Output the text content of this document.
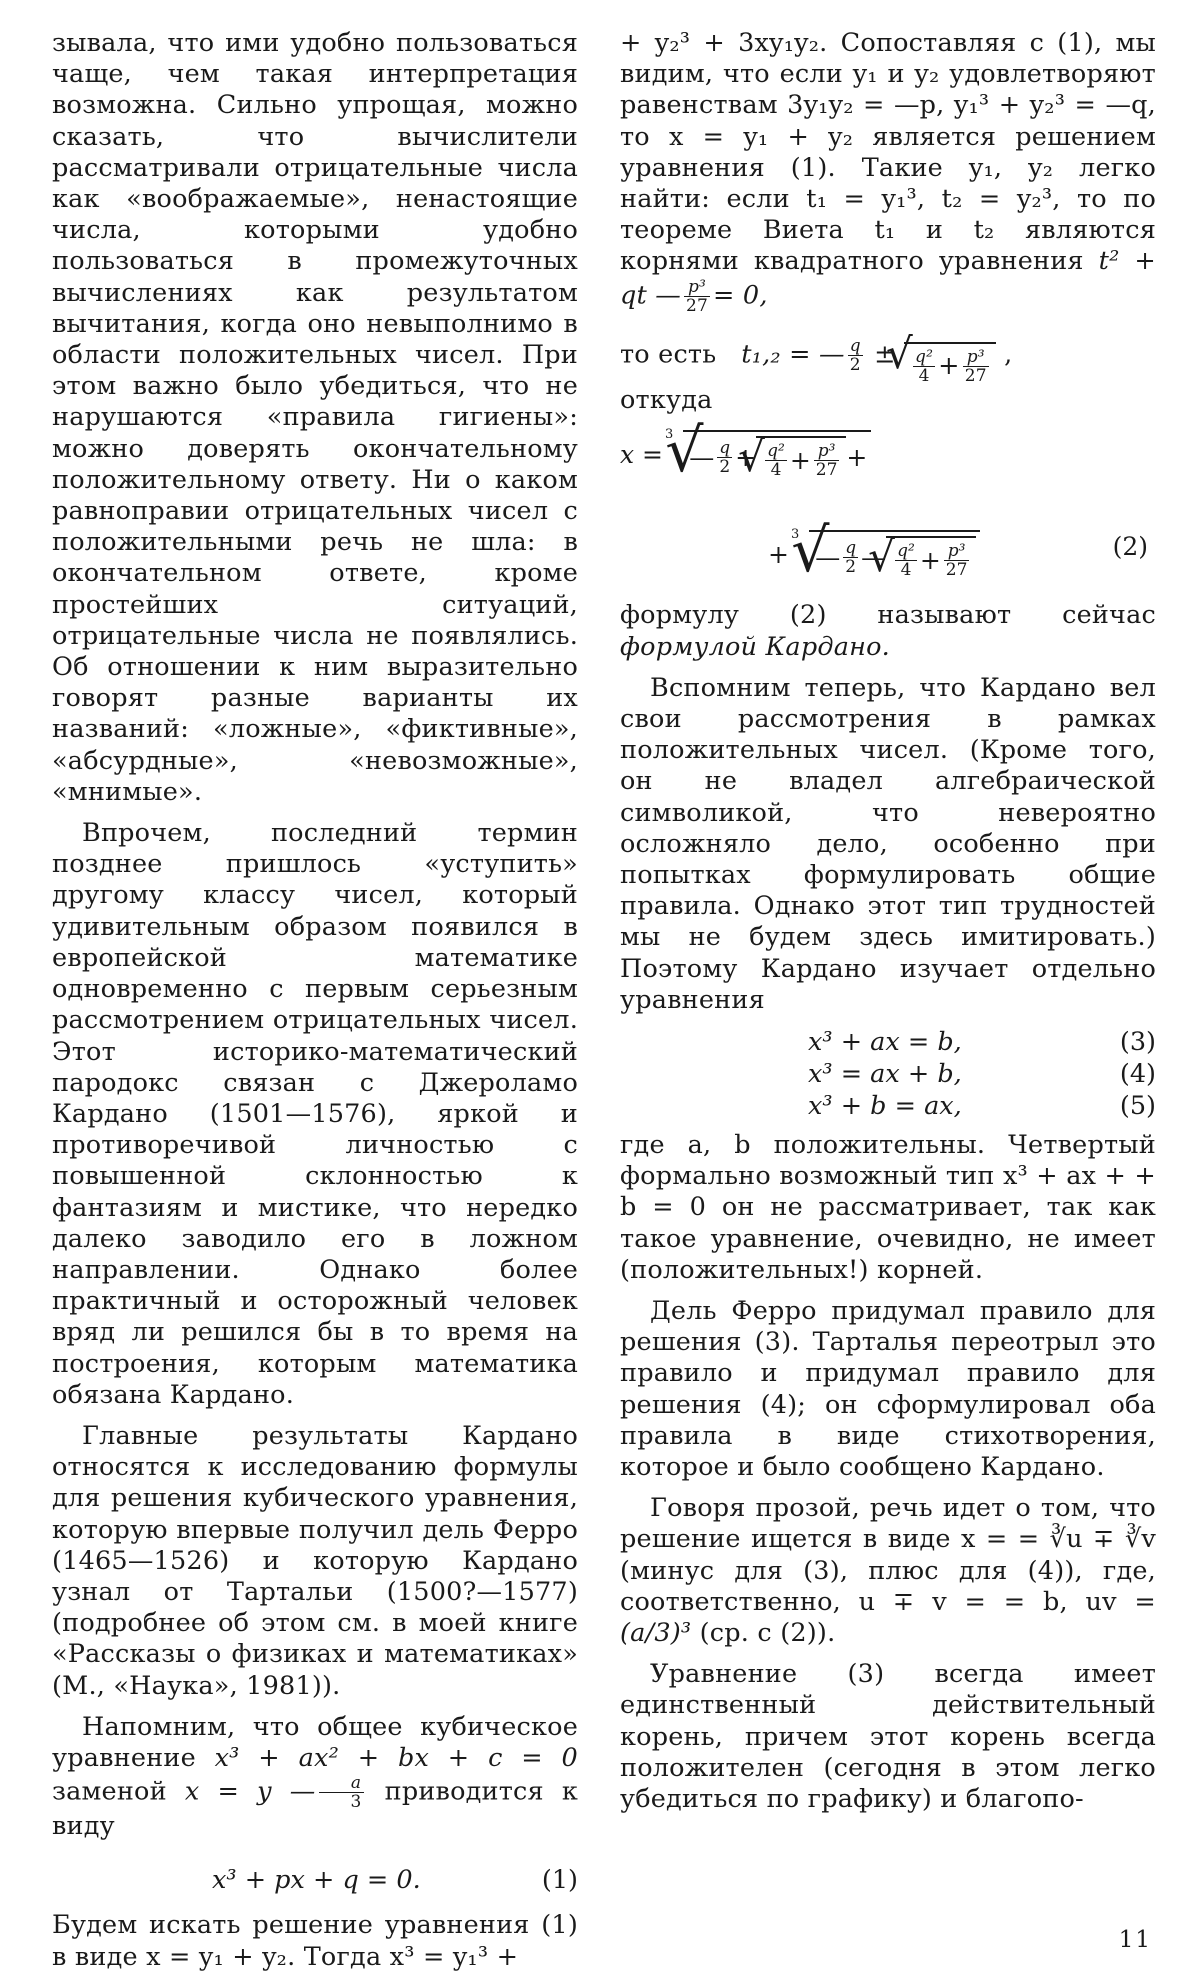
зывала, что ими удобно пользоваться чаще, чем такая интерпретация возможна. Сильно упрощая, можно сказать, что вычислители рассматривали отрицательные числа как «воображаемые», ненастоящие числа, которыми удобно пользоваться в промежуточных вычислениях как результатом вычитания, когда оно невыполнимо в области положительных чисел. При этом важно было убедиться, что не нарушаются «правила гигиены»: можно доверять окончательному положительному ответу. Ни о каком равноправии отрицательных чисел с положительными речь не шла: в окончательном ответе, кроме простейших ситуаций, отрицательные числа не появлялись. Об отношении к ним выразительно говорят разные варианты их названий: «ложные», «фиктивные», «абсурдные», «невозможные», «мнимые».

Впрочем, последний термин позднее пришлось «уступить» другому классу чисел, который удивительным образом появился в европейской математике одновременно с первым серьезным рассмотрением отрицательных чисел. Этот историко-математический пародокс связан с Джероламо Кардано (1501—1576), яркой и противоречивой личностью с повышенной склонностью к фантазиям и мистике, что нередко далеко заводило его в ложном направлении. Однако более практичный и осторожный человек вряд ли решился бы в то время на построения, которым математика обязана Кардано.

Главные результаты Кардано относятся к исследованию формулы для решения кубического уравнения, которую впервые получил дель Ферро (1465—1526) и которую Кардано узнал от Тартальи (1500?—1577) (подробнее об этом см. в моей книге «Рассказы о физиках и математиках» (М., «Наука», 1981)).

Напомним, что общее кубическое уравнение x³ + ax² + bx + c = 0 заменой x = y — $\frac{a}{3}$ приводится к виду

x³ + px + q = 0.	(1)

Будем искать решение уравнения (1) в виде x = y₁ + y₂. Тогда x³ = y₁³ +

+ y₂³ + 3xy₁y₂. Сопоставляя с (1), мы видим, что если y₁ и y₂ удовлетворяют равенствам 3y₁y₂ = —p, y₁³ + y₂³ = —q, то x = y₁ + y₂ является решением уравнения (1). Такие y₁, y₂ легко найти: если t₁ = y₁³, t₂ = y₂³, то по теореме Виета t₁ и t₂ являются корнями квадратного уравнения t² + qt — $\frac{\text{p³}}{27} = 0$,

то есть t₁,₂ = — $\frac{q}{2}$ ± √ $\frac{\text{q²}}{4} + \frac{\text{p³}}{27}$ ,

откуда

x =
3
√ — $\frac{q}{2}$ + √ $\frac{\text{q²}}{4} + \frac{\text{p³}}{27}$ +
+
3
√ — $\frac{q}{2}$ — √ $\frac{\text{q²}}{4} + \frac{\text{p³}}{27}$	(2)

формулу (2) называют сейчас формулой Кардано.

Вспомним теперь, что Кардано вел свои рассмотрения в рамках положительных чисел. (Кроме того, он не владел алгебраической символикой, что невероятно осложняло дело, особенно при попытках формулировать общие правила. Однако этот тип трудностей мы не будем здесь имитировать.) Поэтому Кардано изучает отдельно уравнения

x³ + ax = b,	(3)
x³ = ax + b,	(4)
x³ + b = ax,	(5)

где a, b положительны. Четвертый формально возможный тип x³ + ax + + b = 0 он не рассматривает, так как такое уравнение, очевидно, не имеет (положительных!) корней.

Дель Ферро придумал правило для решения (3). Тарталья переотрыл это правило и придумал правило для решения (4); он сформулировал оба правила в виде стихотворения, которое и было сообщено Кардано.

Говоря прозой, речь идет о том, что решение ищется в виде x = = ∛u ∓ ∛v (минус для (3), плюс для (4)), где, соответственно, u ∓ v = = b, uv = (a/3)³ (ср. с (2)).

Уравнение (3) всегда имеет единственный действительный корень, причем этот корень всегда положителен (сегодня в этом легко убедиться по графику) и благопо-

11
